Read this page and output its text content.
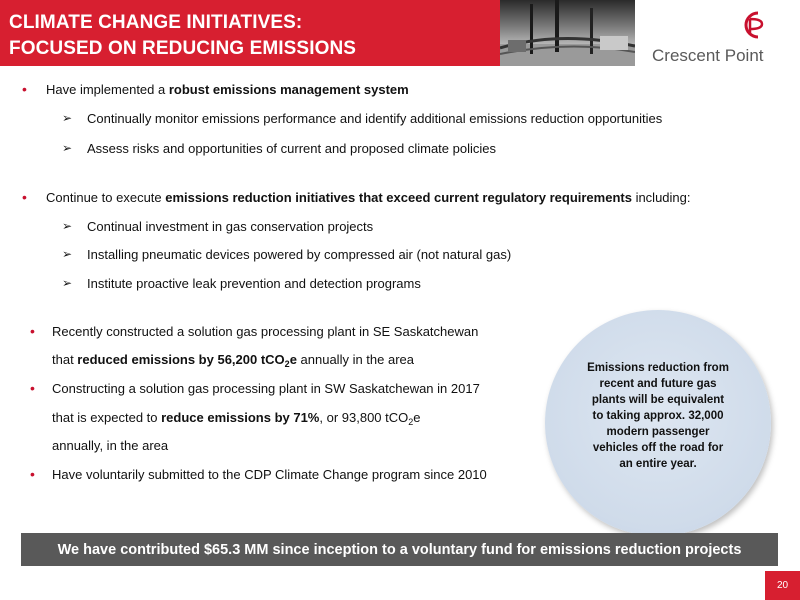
CLIMATE CHANGE INITIATIVES:
FOCUSED ON REDUCING EMISSIONS	Crescent Point
• Have implemented a robust emissions management system
➢ Continually monitor emissions performance and identify additional emissions reduction opportunities
➢ Assess risks and opportunities of current and proposed climate policies
• Continue to execute emissions reduction initiatives that exceed current regulatory requirements including:
➢ Continual investment in gas conservation projects
➢ Installing pneumatic devices powered by compressed air (not natural gas)
➢ Institute proactive leak prevention and detection programs
• Recently constructed a solution gas processing plant in SE Saskatchewan
that reduced emissions by 56,200 tCO$_2$e annually in the area
• Constructing a solution gas processing plant in SW Saskatchewan in 2017
that is expected to reduce emissions by 71%, or 93,800 tCO$_2$e
annually, in the area
• Have voluntarily submitted to the CDP Climate Change program since 2010
Emissions reduction from
recent and future gas
plants will be equivalent
to taking approx. 32,000
modern passenger
vehicles off the road for
an entire year.
We have contributed $65.3 MM since inception to a voluntary fund for emissions reduction projects
20
